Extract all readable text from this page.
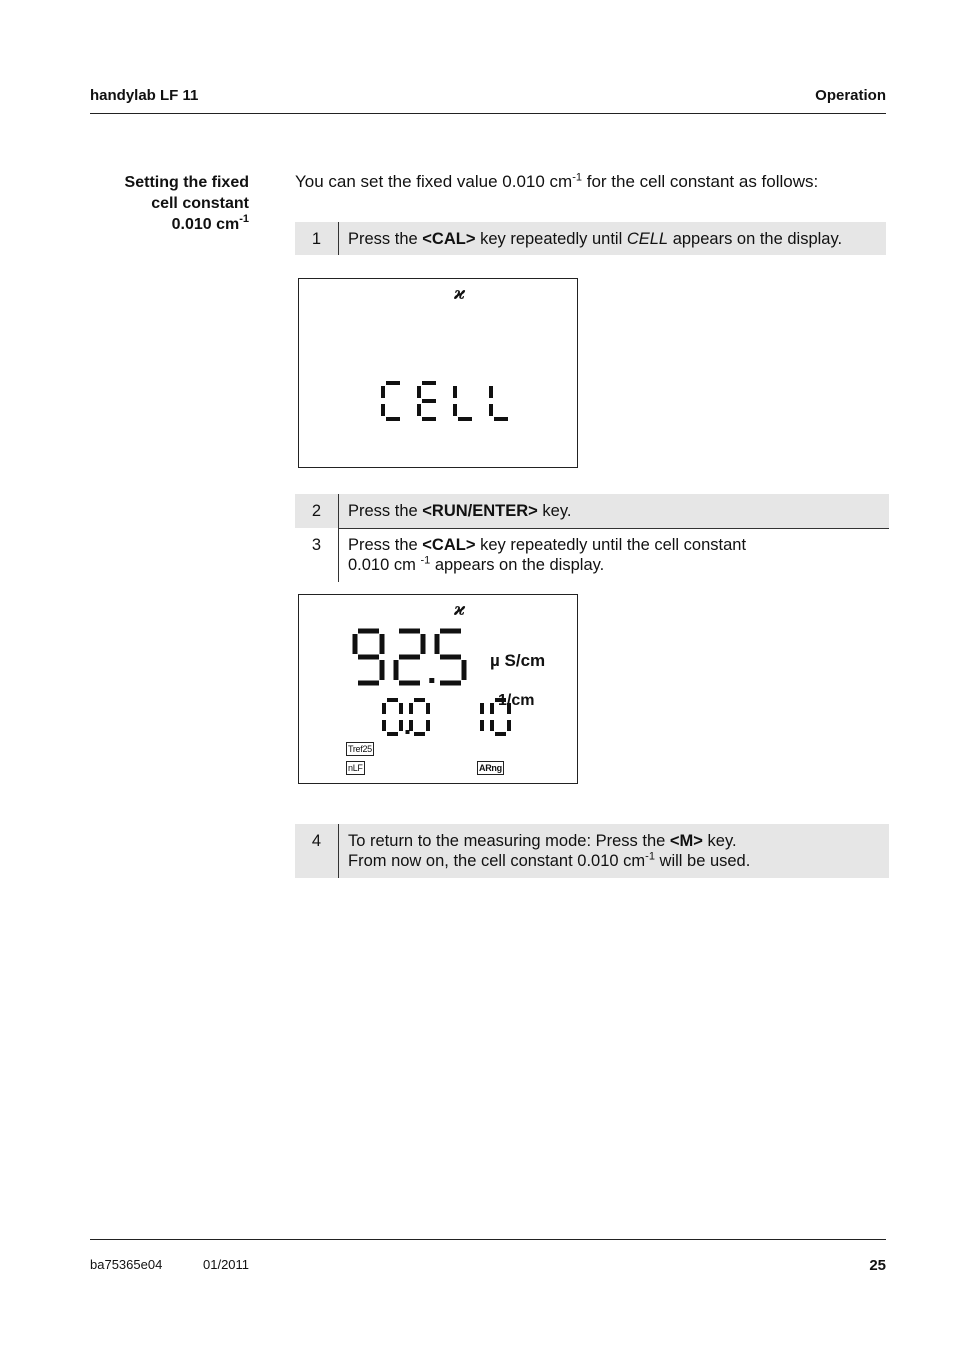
handylab LF 11	Operation
Setting the fixed
cell constant
0.010 $cm^{-1}$
You can set the fixed value 0.010 $cm^{-1}$ for the cell constant as follows:
1	Press the <CAL> key repeatedly until CELL appears on the display.
ϰ
2	Press the <RUN/ENTER> key.
3	Press the <CAL> key repeatedly until the cell constant
0.010 cm $^{-1}$ appears on the display.
ϰ
µ S/cm
1/cm
Tref25
nLF	ARng
4	To return to the measuring mode: Press the <M> key.
From now on, the cell constant 0.010 $cm^{-1}$ will be used.
ba75365e04	01/2011	25
